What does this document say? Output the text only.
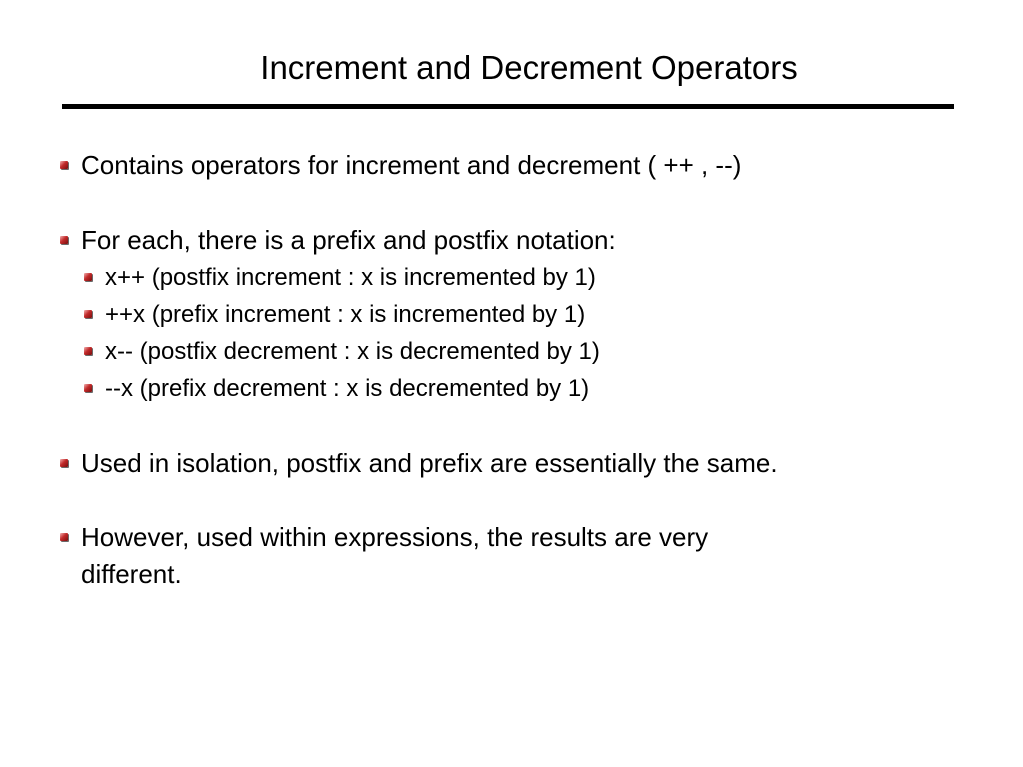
Increment and Decrement Operators
Contains operators for increment and decrement ( ++ , --)
For each, there is a prefix and postfix notation:
x++ (postfix increment : x is incremented by 1)
++x (prefix increment : x is incremented by 1)
x-- (postfix decrement : x is decremented by 1)
--x (prefix decrement : x is decremented by 1)
Used in isolation, postfix and prefix are essentially the same.
However, used within expressions, the results are very
different.
